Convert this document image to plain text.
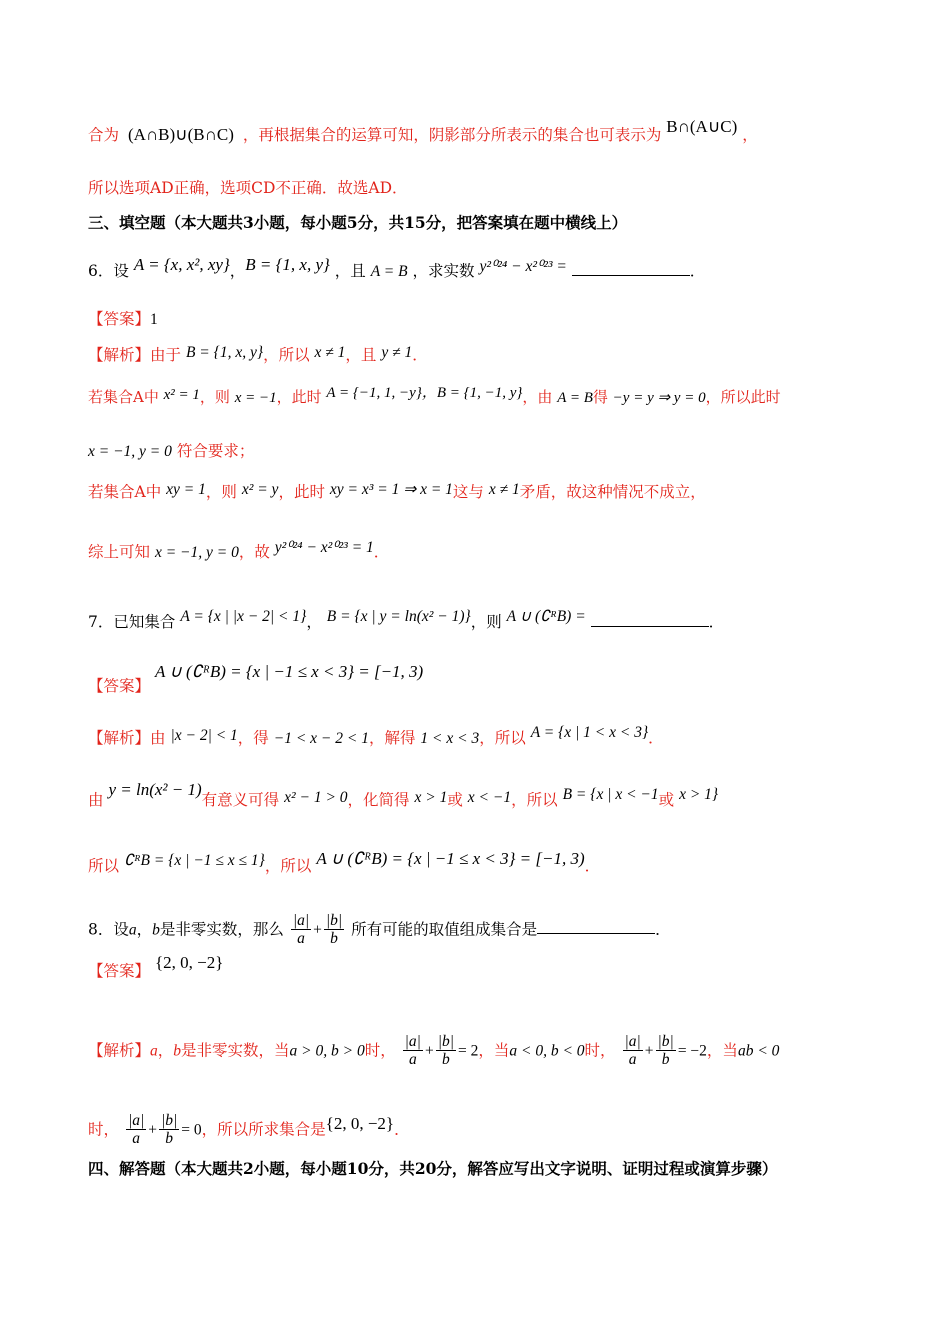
合为 (A∩B)∪(B∩C) ，再根据集合的运算可知，阴影部分所表示的集合也可表示为 B∩(A∪C) ，
所以选项AD正确，选项CD不正确．故选AD．
三、填空题（本大题共3小题，每小题5分，共15分，把答案填在题中横线上）
6．设 A = {x, x², xy}，B = {1, x, y} ，且 A = B ，求实数 y²⁰²⁴ − x²⁰²³ =	．
【答案】1
【解析】由于 B = {1, x, y}，所以 x ≠ 1，且 y ≠ 1．
若集合A中 x² = 1，则 x = −1，此时 A = {−1, 1, −y}，B = {1, −1, y}，由 A = B得 −y = y ⇒ y = 0，所以此时
x = −1, y = 0 符合要求；
若集合A中 xy = 1，则 x² = y，此时 xy = x³ = 1 ⇒ x = 1这与 x ≠ 1矛盾，故这种情况不成立，
综上可知 x = −1, y = 0，故 y²⁰²⁴ − x²⁰²³ = 1．
7．已知集合 A = {x | |x − 2| < 1}， B = {x | y = ln(x² − 1)}，则 A ∪ (∁ᴿB) =	．
【答案】 A ∪ (∁ᴿB) = {x | −1 ≤ x < 3} = [−1, 3)
【解析】由 |x − 2| < 1，得 −1 < x − 2 < 1，解得 1 < x < 3，所以 A = {x | 1 < x < 3}．
由 y = ln(x² − 1)有意义可得 x² − 1 > 0，化简得 x > 1或 x < −1，所以 B = {x | x < −1或 x > 1}
所以 ∁ᴿB = {x | −1 ≤ x ≤ 1}，所以 A ∪ (∁ᴿB) = {x | −1 ≤ x < 3} = [−1, 3)．
8．设a，b是非零实数，那么 $\frac{|a|}{a} + \frac{|b|}{b}$ 所有可能的取值组成集合是	．
【答案】 {2, 0, −2}
【解析】a，b是非零实数，当a > 0, b > 0时， $\frac{|a|}{a} + \frac{|b|}{b} = 2$，当a < 0, b < 0时， $\frac{|a|}{a} + \frac{|b|}{b} = -2$，当ab < 0
时， $\frac{|a|}{a} + \frac{|b|}{b} = 0$，所以所求集合是{2, 0, −2}．
四、解答题（本大题共2小题，每小题10分，共20分，解答应写出文字说明、证明过程或演算步骤）
